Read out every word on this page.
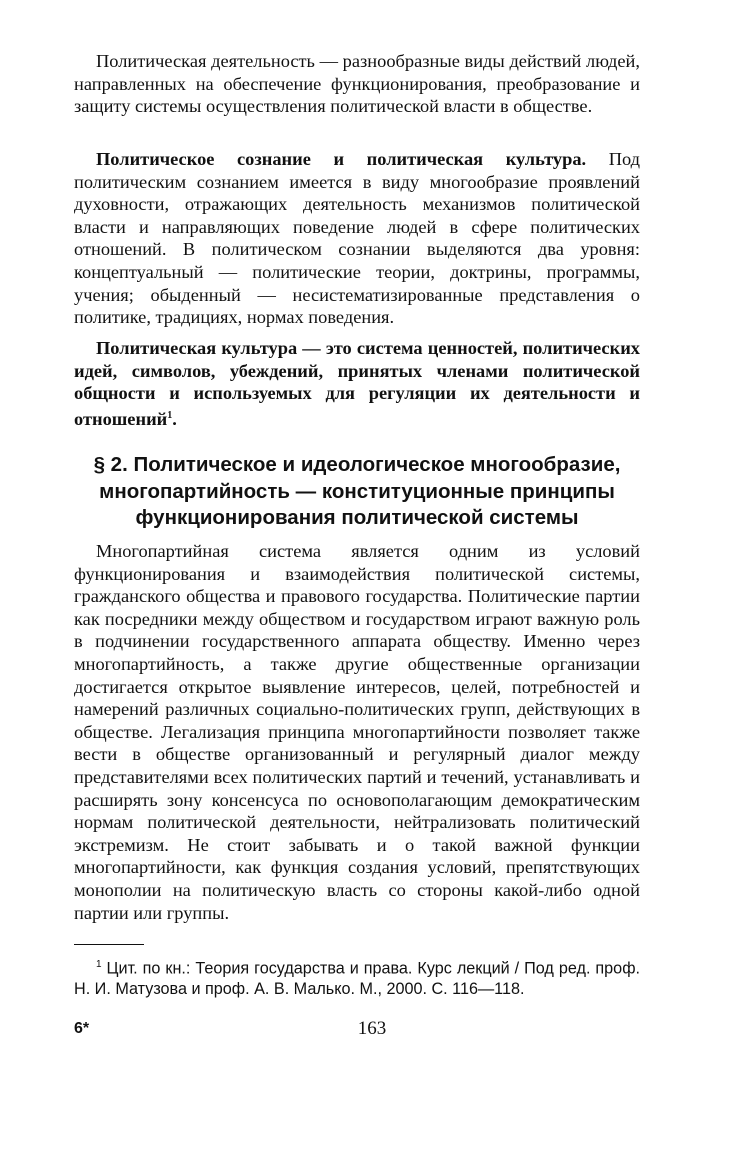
Политическая деятельность — разнообразные виды действий людей, направленных на обеспечение функционирования, преобразование и защиту системы осуществления политической власти в обществе.

Политическое сознание и политическая культура. Под политическим сознанием имеется в виду многообразие проявлений духовности, отражающих деятельность механизмов политической власти и направляющих поведение людей в сфере политических отношений. В политическом сознании выделяются два уровня: концептуальный — политические теории, доктрины, программы, учения; обыденный — несистематизированные представления о политике, традициях, нормах поведения.

Политическая культура — это система ценностей, политических идей, символов, убеждений, принятых членами политической общности и используемых для регуляции их деятельности и отношений$^1$.

§ 2. Политическое и идеологическое многообразие, многопартийность — конституционные принципы функционирования политической системы

Многопартийная система является одним из условий функционирования и взаимодействия политической системы, гражданского общества и правового государства. Политические партии как посредники между обществом и государством играют важную роль в подчинении государственного аппарата обществу. Именно через многопартийность, а также другие общественные организации достигается открытое выявление интересов, целей, потребностей и намерений различных социально-политических групп, действующих в обществе. Легализация принципа многопартийности позволяет также вести в обществе организованный и регулярный диалог между представителями всех политических партий и течений, устанавливать и расширять зону консенсуса по основополагающим демократическим нормам политической деятельности, нейтрализовать политический экстремизм. Не стоит забывать и о такой важной функции многопартийности, как функция создания условий, препятствующих монополии на политическую власть со стороны какой-либо одной партии или группы.

$^1$ Цит. по кн.: Теория государства и права. Курс лекций / Под ред. проф. Н. И. Матузова и проф. А. В. Малько. М., 2000. С. 116—118.

6*	163
